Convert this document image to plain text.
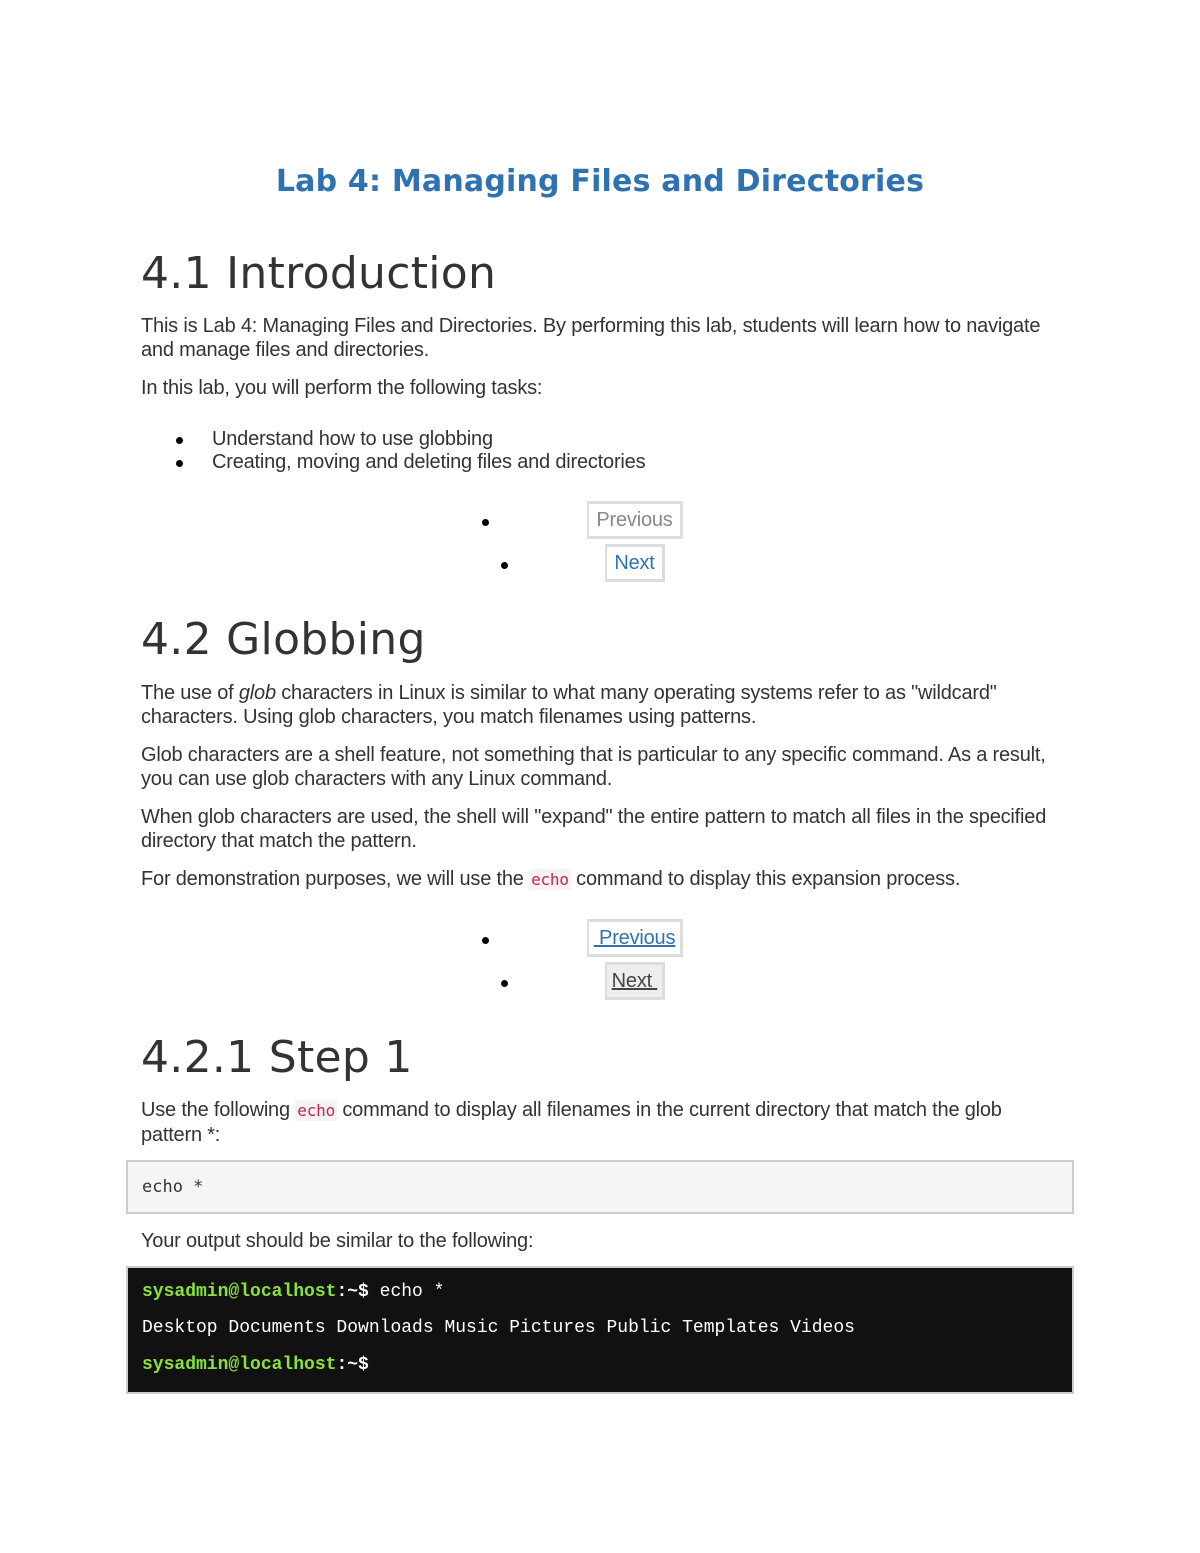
Lab 4: Managing Files and Directories
4.1 Introduction

This is Lab 4: Managing Files and Directories. By performing this lab, students will learn how to navigate and manage files and directories.

In this lab, you will perform the following tasks:

Understand how to use globbing
Creating, moving and deleting files and directories
Previous
Next
4.2 Globbing

The use of glob characters in Linux is similar to what many operating systems refer to as "wildcard" characters. Using glob characters, you match filenames using patterns.

Glob characters are a shell feature, not something that is particular to any specific command. As a result, you can use glob characters with any Linux command.

When glob characters are used, the shell will "expand" the entire pattern to match all files in the specified directory that match the pattern.

For demonstration purposes, we will use the echo command to display this expansion process.

Previous
Next
4.2.1 Step 1

Use the following echo command to display all filenames in the current directory that match the glob pattern *:

echo *

Your output should be similar to the following:

sysadmin@localhost:~$ echo *
Desktop Documents Downloads Music Pictures Public Templates Videos
sysadmin@localhost:~$
